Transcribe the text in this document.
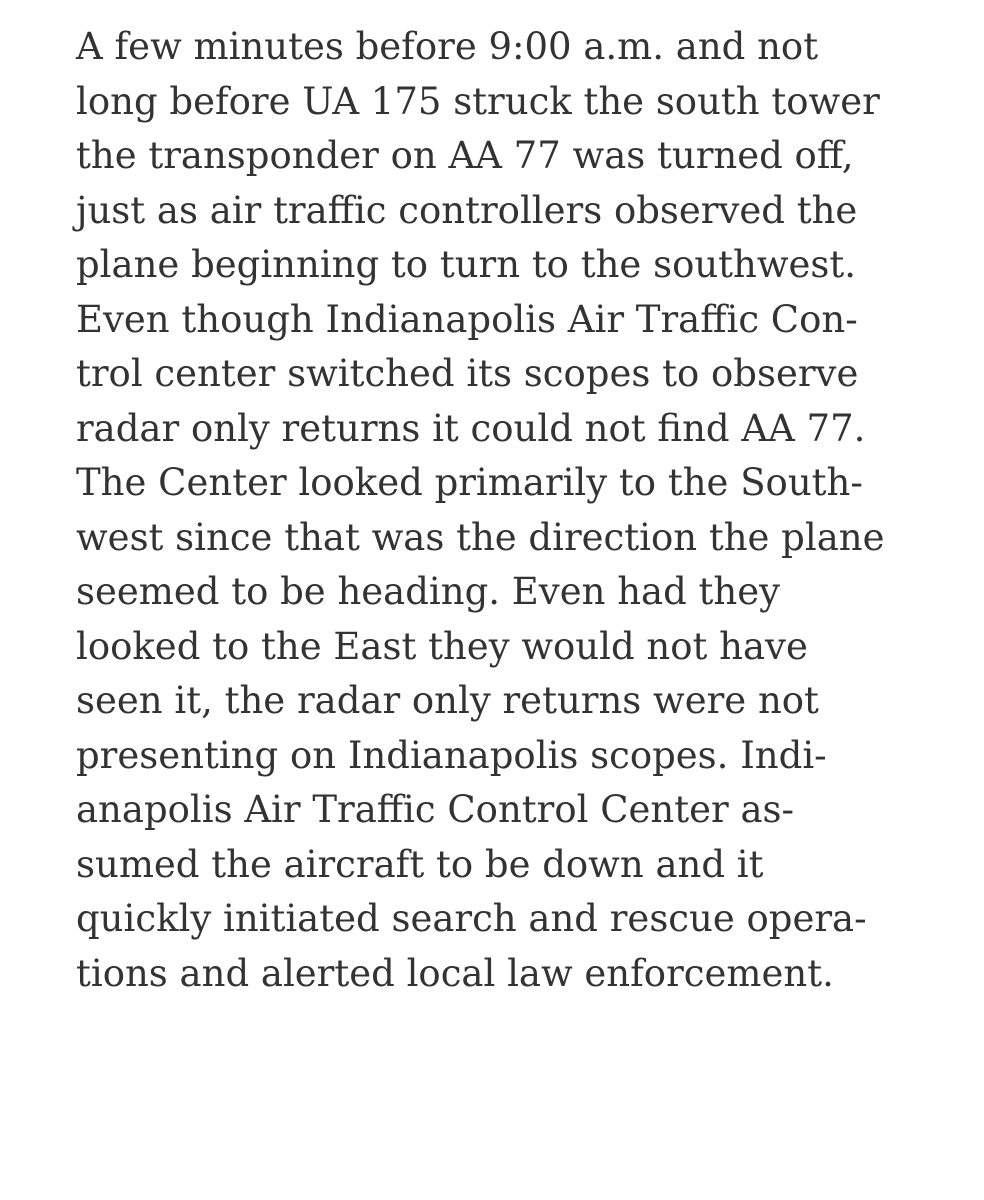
A few minutes before 9:00 a.m. and not
long before UA 175 struck the south tower
the transponder on AA 77 was turned off,
just as air traffic controllers observed the
plane beginning to turn to the southwest.
Even though Indianapolis Air Traffic Con-
trol center switched its scopes to observe
radar only returns it could not find AA 77.
The Center looked primarily to the South-
west since that was the direction the plane
seemed to be heading. Even had they
looked to the East they would not have
seen it, the radar only returns were not
presenting on Indianapolis scopes. Indi-
anapolis Air Traffic Control Center as-
sumed the aircraft to be down and it
quickly initiated search and rescue opera-
tions and alerted local law enforcement.
